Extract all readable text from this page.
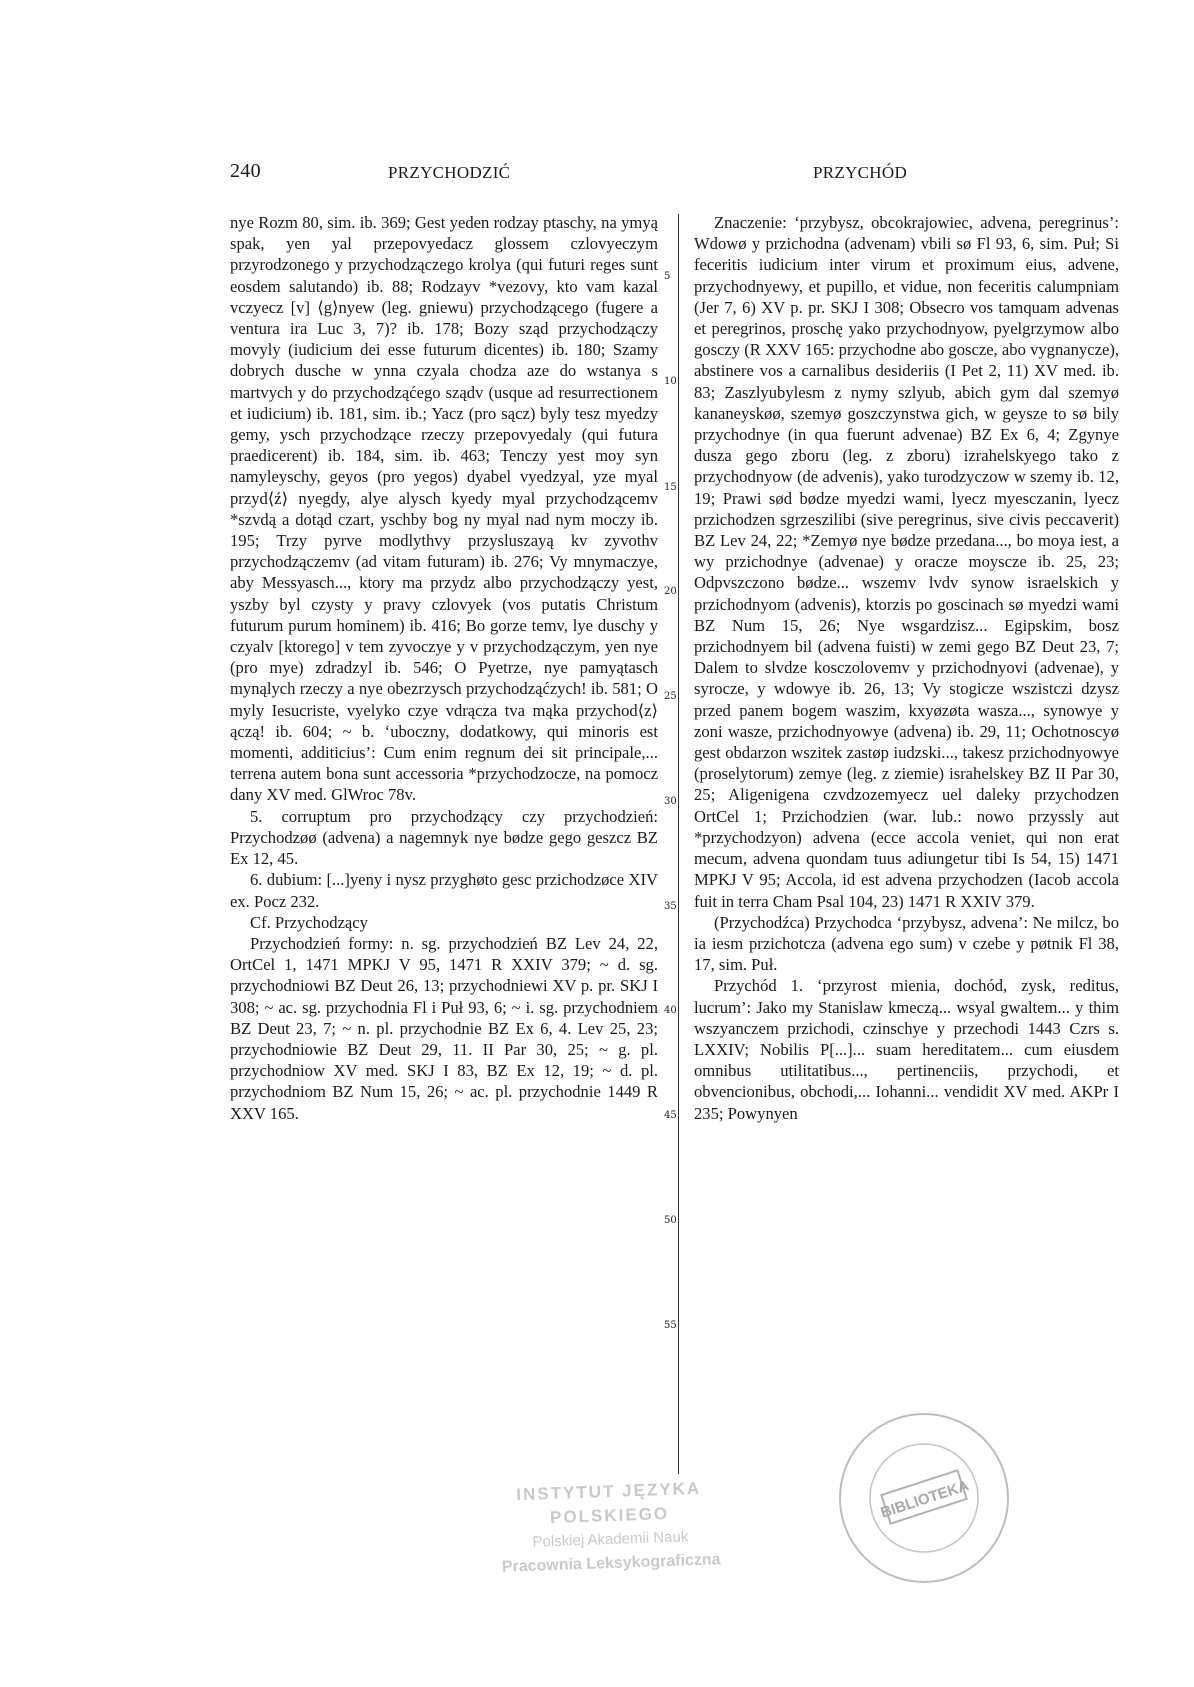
240	PRZYCHODZIĆ	PRZYCHÓD

nye Rozm 80, sim. ib. 369; Gest yeden rodzay ptaschy, na ymyą spak, yen yal przepovyedacz glossem czlovyeczym przyrodzonego y przychodzączego krolya (qui futuri reges sunt eosdem salutando) ib. 88; Rodzayv *vezovy, kto vam kazal vczyecz [v] ⟨g⟩nyew (leg. gniewu) przychodzącego (fugere a ventura ira Luc 3, 7)? ib. 178; Bozy sząd przychodzączy movyly (iudicium dei esse futurum dicentes) ib. 180; Szamy dobrych dusche w ynna czyala chodza aze do wstanya s martvych y do przychodząćego sządv (usque ad resurrectionem et iudicium) ib. 181, sim. ib.; Yacz (pro sącz) byly tesz myedzy gemy, ysch przychodzące rzeczy przepovyedaly (qui futura praedicerent) ib. 184, sim. ib. 463; Tenczy yest moy syn namyleyschy, geyos (pro yegos) dyabel vyedzyal, yze myal przyd⟨ź⟩ nyegdy, alye alysch kyedy myal przychodzącemv *szvdą a dotąd czart, yschby bog ny myal nad nym moczy ib. 195; Trzy pyrve modlythvy przysluszayą kv zyvothv przychodzączemv (ad vitam futuram) ib. 276; Vy mnymaczye, aby Messyasch..., ktory ma przydz albo przychodzączy yest, yszby byl czysty y pravy czlovyek (vos putatis Christum futurum purum hominem) ib. 416; Bo gorze temv, lye duschy y czyalv [ktorego] v tem zyvoczye y v przychodzączym, yen nye (pro mye) zdradzyl ib. 546; O Pyetrze, nye pamyątasch mynąlych rzeczy a nye obezrzysch przychodząćzych! ib. 581; O myly Iesucriste, vyelyko czye vdrącza tva mąka przychod⟨z⟩ączą! ib. 604; ~ b. ‘uboczny, dodatkowy, qui minoris est momenti, additicius’: Cum enim regnum dei sit principale,... terrena autem bona sunt accessoria *przychodzocze, na pomocz dany XV med. GlWroc 78v.

5. corruptum pro przychodzący czy przychodzień: Przychodzøø (advena) a nagemnyk nye bødze gego geszcz BZ Ex 12, 45.

6. dubium: [...]yeny i nysz przyghøto gesc przichodzøce XIV ex. Pocz 232.

Cf. Przychodzący

Przychodzień formy: n. sg. przychodzień BZ Lev 24, 22, OrtCel 1, 1471 MPKJ V 95, 1471 R XXIV 379; ~ d. sg. przychodniowi BZ Deut 26, 13; przychodniewi XV p. pr. SKJ I 308; ~ ac. sg. przychodnia Fl i Puł 93, 6; ~ i. sg. przychodniem BZ Deut 23, 7; ~ n. pl. przychodnie BZ Ex 6, 4. Lev 25, 23; przychodniowie BZ Deut 29, 11. II Par 30, 25; ~ g. pl. przychodniow XV med. SKJ I 83, BZ Ex 12, 19; ~ d. pl. przychodniom BZ Num 15, 26; ~ ac. pl. przychodnie 1449 R XXV 165.

5
10
15
20
25
30
35
40
45
50
55

Znaczenie: ‘przybysz, obcokrajowiec, advena, peregrinus’: Wdowø y przichodna (advenam) vbili sø Fl 93, 6, sim. Puł; Si feceritis iudicium inter virum et proximum eius, advene, przychodnyewy, et pupillo, et vidue, non feceritis calumpniam (Jer 7, 6) XV p. pr. SKJ I 308; Obsecro vos tamquam advenas et peregrinos, proschę yako przychodnyow, pyelgrzymow albo gosczy (R XXV 165: przychodne abo goscze, abo vygnanycze), abstinere vos a carnalibus desideriis (I Pet 2, 11) XV med. ib. 83; Zaszlyubylesm z nymy szlyub, abich gym dal szemyø kananeyskøø, szemyø goszczynstwa gich, w geysze to sø bily przychodnye (in qua fuerunt advenae) BZ Ex 6, 4; Zgynye dusza gego zboru (leg. z zboru) izrahelskyego tako z przychodnyow (de advenis), yako turodzyczow w szemy ib. 12, 19; Prawi sød bødze myedzi wami, lyecz myesczanin, lyecz przichodzen sgrzeszilibi (sive peregrinus, sive civis peccaverit) BZ Lev 24, 22; *Zemyø nye bødze przedana..., bo moya iest, a wy przichodnye (advenae) y oracze moyscze ib. 25, 23; Odpvszczono bødze... wszemv lvdv synow israelskich y przichodnyom (advenis), ktorzis po goscinach sø myedzi wami BZ Num 15, 26; Nye wsgardzisz... Egipskim, bosz przichodnyem bil (advena fuisti) w zemi gego BZ Deut 23, 7; Dalem to slvdze kosczolovemv y przichodnyovi (advenae), y syrocze, y wdowye ib. 26, 13; Vy stogicze wszistczi dzysz przed panem bogem waszim, kxyøzøta wasza..., synowye y zoni wasze, przichodnyowye (advena) ib. 29, 11; Ochotnoscyø gest obdarzon wszitek zastøp iudzski..., takesz przichodnyowye (proselytorum) zemye (leg. z ziemie) israhelskey BZ II Par 30, 25; Aligenigena czvdzozemyecz uel daleky przychodzen OrtCel 1; Przichodzien (war. lub.: nowo przyssly aut *przychodzyon) advena (ecce accola veniet, qui non erat mecum, advena quondam tuus adiungetur tibi Is 54, 15) 1471 MPKJ V 95; Accola, id est advena przychodzen (Iacob accola fuit in terra Cham Psal 104, 23) 1471 R XXIV 379.

(Przychodźca) Przychodca ‘przybysz, advena’: Ne milcz, bo ia iesm przichotcza (advena ego sum) v czebe y pøtnik Fl 38, 17, sim. Puł.

Przychód 1. ‘przyrost mienia, dochód, zysk, reditus, lucrum’: Jako my Stanislaw kmeczą... wsyal gwaltem... y thim wszyanczem przichodi, czinschye y przechodi 1443 Czrs s. LXXIV; Nobilis P[...]... suam hereditatem... cum eiusdem omnibus utilitatibus..., pertinenciis, przychodi, et obvencionibus, obchodi,... Iohanni... vendidit XV med. AKPr I 235; Powynyen

INSTYTUT JĘZYKA POLSKIEGO
Polskiej Akademii Nauk
Pracownia Leksykograficzna
BIBLIOTEKA
